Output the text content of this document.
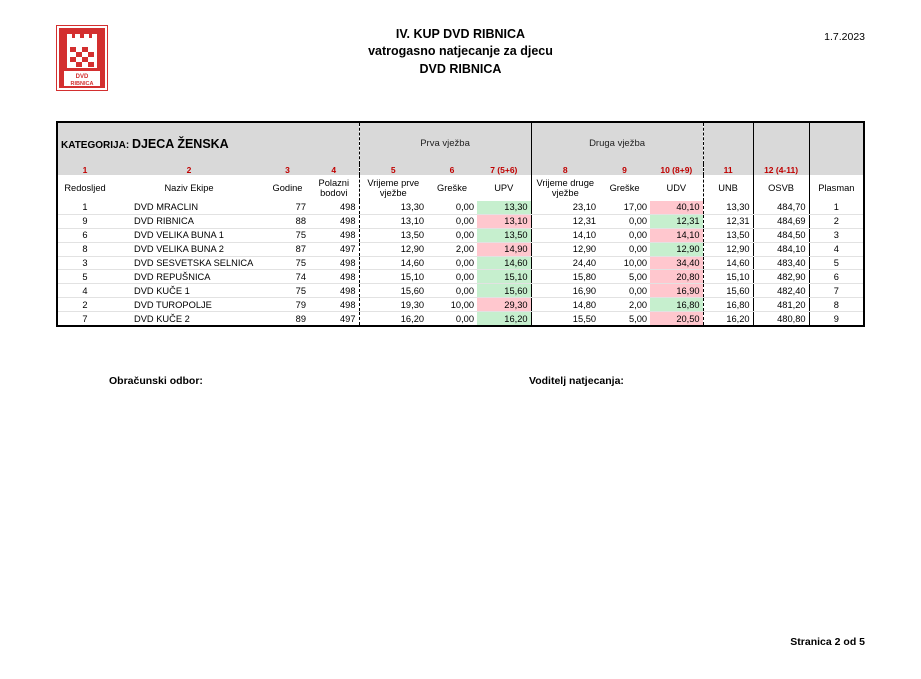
DVD
RIBNICA
IV. KUP DVD RIBNICA
vatrogasno natjecanje za djecu
DVD RIBNICA
1.7.2023
KATEGORIJA: DJECA ŽENSKA				Prva vježba			Druga vježba					
1	2	3	4	5	6	7 (5+6)	8	9	10 (8+9)	11	12 (4-11)	
Redosljed	Naziv Ekipe	Godine	Polazni bodovi	Vrijeme prve vježbe	Greške	UPV	Vrijeme druge vježbe	Greške	UDV	UNB	OSVB	Plasman
1	DVD MRACLIN	77	498	13,30	0,00	13,30	23,10	17,00	40,10	13,30	484,70	1
9	DVD RIBNICA	88	498	13,10	0,00	13,10	12,31	0,00	12,31	12,31	484,69	2
6	DVD VELIKA BUNA 1	75	498	13,50	0,00	13,50	14,10	0,00	14,10	13,50	484,50	3
8	DVD VELIKA BUNA 2	87	497	12,90	2,00	14,90	12,90	0,00	12,90	12,90	484,10	4
3	DVD SESVETSKA SELNICA	75	498	14,60	0,00	14,60	24,40	10,00	34,40	14,60	483,40	5
5	DVD REPUŠNICA	74	498	15,10	0,00	15,10	15,80	5,00	20,80	15,10	482,90	6
4	DVD KUČE 1	75	498	15,60	0,00	15,60	16,90	0,00	16,90	15,60	482,40	7
2	DVD TUROPOLJE	79	498	19,30	10,00	29,30	14,80	2,00	16,80	16,80	481,20	8
7	DVD KUČE 2	89	497	16,20	0,00	16,20	15,50	5,00	20,50	16,20	480,80	9
Obračunski odbor:	Voditelj natjecanja:
Stranica 2 od 5
